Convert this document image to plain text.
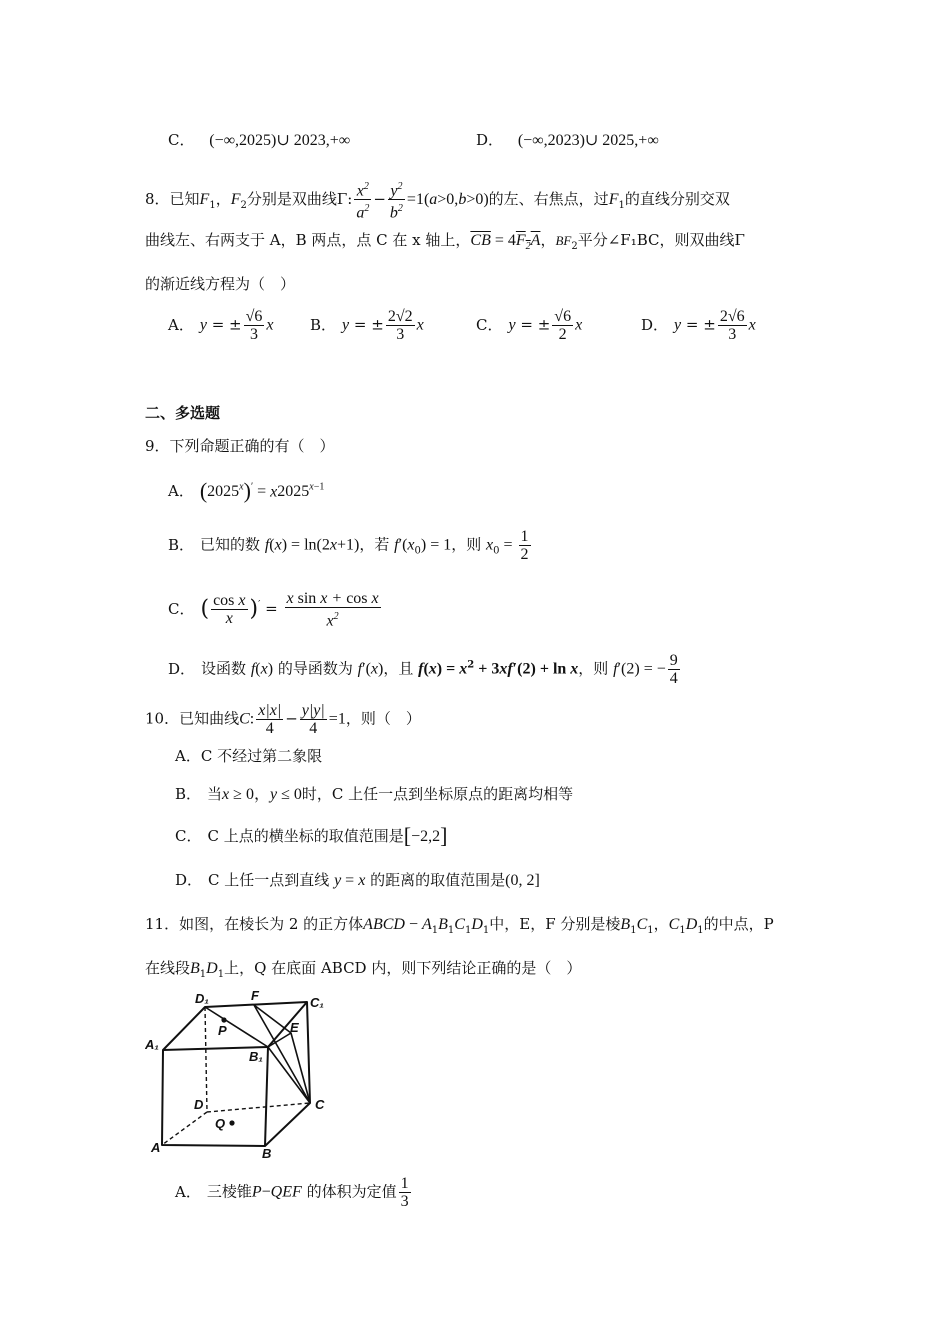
C． (−∞,2025)∪ 2023,+∞	D． (−∞,2023)∪ 2025,+∞
8．已知$F_1$，$F_2$分别是双曲线Γ: $\frac{x^2}{a^2} - \frac{y^2}{b^2} =1(a>0,b>0)$的左、右焦点，过$F_1$的直线分别交双
曲线左、右两支于 A，B 两点，点 C 在 x 轴上，$\overline{CB} = 4F_2A$，$BF_2$平分∠F₁BC，则双曲线Γ
的渐近线方程为（　）
A． y = ± $\frac{√6}{3}$ x B． y = ± $\frac{2√2}{3}$ x	C． y = ± $\frac{√6}{2}$ x	D． y = ± $\frac{2√6}{3}$ x
二、多选题
9．下列命题正确的有（　）
A． $(2025^x)' = x2025^{x-1}$
B． 已知的数 f(x) = ln(2x+1)，若 $f'(x_0) = 1$，则 $x_0 = \frac{1}{2}$
C． ( $\frac{\text{cos x}}{x} )' = \frac{\text{x sin x + cos x}}{x^2}$
D． 设函数 f(x) 的导函数为 f′(x)，且 $f(x) = x^2 + 3xf'(2) + \ln x$，则 f′(2) = − $\frac{9}{4}$
10．已知曲线C: $\frac{x|x|}{4} - \frac{y|y|}{4} =1$，则（　）
A．C 不经过第二象限
B． 当x ≥ 0，y ≤ 0时，C 上任一点到坐标原点的距离均相等
C． C 上点的横坐标的取值范围是[−2,2]
D． C 上任一点到直线 y = x 的距离的取值范围是(0, 2]
11．如图，在棱长为 2 的正方体ABCD − $A_1B_1C_1D_1$中，E，F 分别是棱$B_1C_1$，$C_1D_1$的中点，P
在线段$B_1D_1$上，Q 在底面 ABCD 内，则下列结论正确的是（　）
D₁	F	C₁
P	E
A₁
B₁
D	C
Q
A	B
A． 三棱锥P−QEF 的体积为定值 $\frac{1}{3}$
